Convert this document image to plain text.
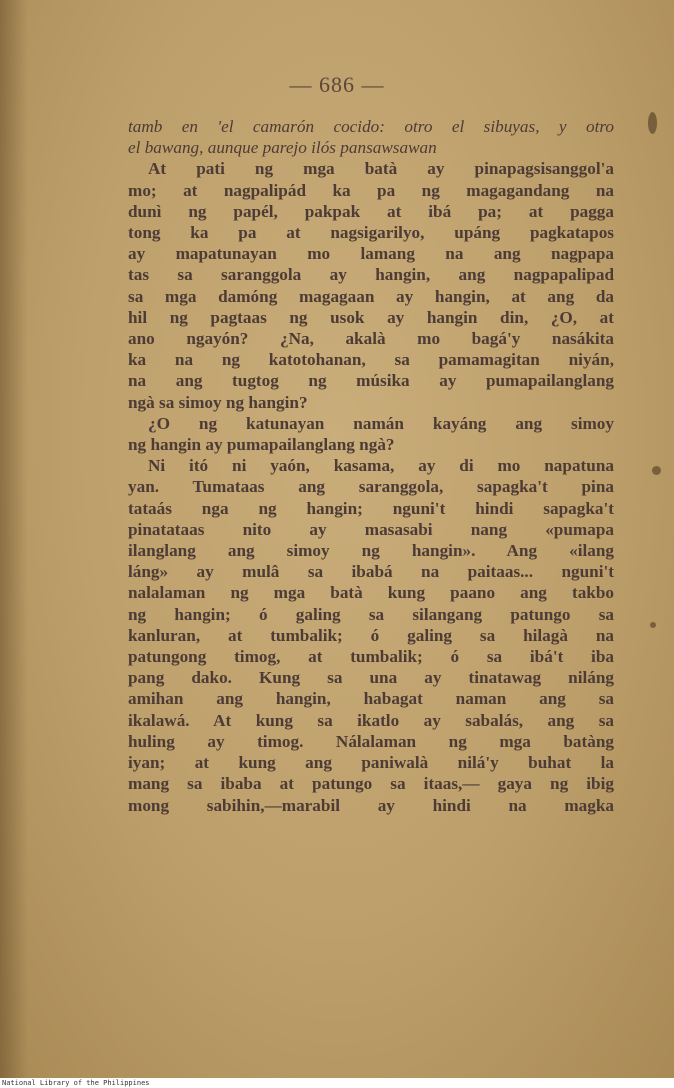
— 686 —
tamb en 'el camarón cocido: otro el sibuyas, y otro
el bawang, aunque parejo ilós pansawsawan
At pati ng mga batà ay pinapagsisanggol'a
mo; at nagpalipád ka pa ng magagandang na
dunì ng papél, pakpak at ibá pa; at pagga
tong ka pa at nagsigarilyo, upáng pagkatapos
ay mapatunayan mo lamang na ang nagpapa
tas sa saranggola ay hangin, ang nagpapalipad
sa mga damóng magagaan ay hangin, at ang da
hil ng pagtaas ng usok ay hangin din, ¿O, at
ano ngayón? ¿Na, akalà mo bagá'y nasákita
ka na ng katotohanan, sa pamamagitan niyán,
na ang tugtog ng músika ay pumapailanglang
ngà sa simoy ng hangin?
¿O ng katunayan namán kayáng ang simoy
ng hangin ay pumapailanglang ngà?
Ni itó ni yaón, kasama, ay di mo napatuna
yan. Tumataas ang saranggola, sapagka't pina
tataás nga ng hangin; nguni't hindi sapagka't
pinatataas nito ay masasabi nang «pumapa
ilanglang ang simoy ng hangin». Ang «ilang
láng» ay mulâ sa ibabá na paitaas... nguni't
nalalaman ng mga batà kung paano ang takbo
ng hangin; ó galing sa silangang patungo sa
kanluran, at tumbalik; ó galing sa hilagà na
patungong timog, at tumbalik; ó sa ibá't iba
pang dako. Kung sa una ay tinatawag niláng
amihan ang hangin, habagat naman ang sa
ikalawá. At kung sa ikatlo ay sabalás, ang sa
huling ay timog. Nálalaman ng mga batàng
iyan; at kung ang paniwalà nilá'y buhat la
mang sa ibaba at patungo sa itaas,— gaya ng ibig
mong sabihin,—marabil ay hindi na magka
National Library of the Philippines
